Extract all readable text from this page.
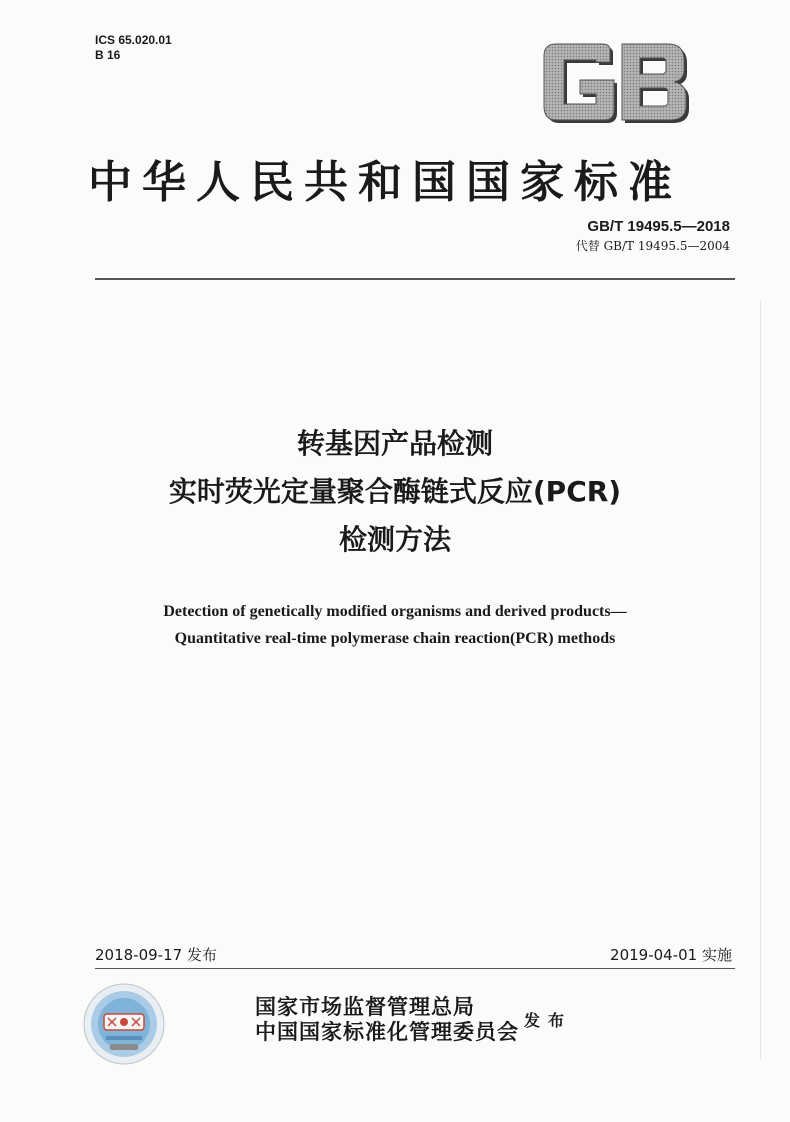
ICS 65.020.01
B 16
中华人民共和国国家标准
GB/T 19495.5—2018
代替 GB/T 19495.5—2004
转基因产品检测
实时荧光定量聚合酶链式反应(PCR)
检测方法
Detection of genetically modified organisms and derived products—
Quantitative real-time polymerase chain reaction(PCR) methods
2018-09-17 发布	2019-04-01 实施
国家市场监督管理总局
中国国家标准化管理委员会 发布
